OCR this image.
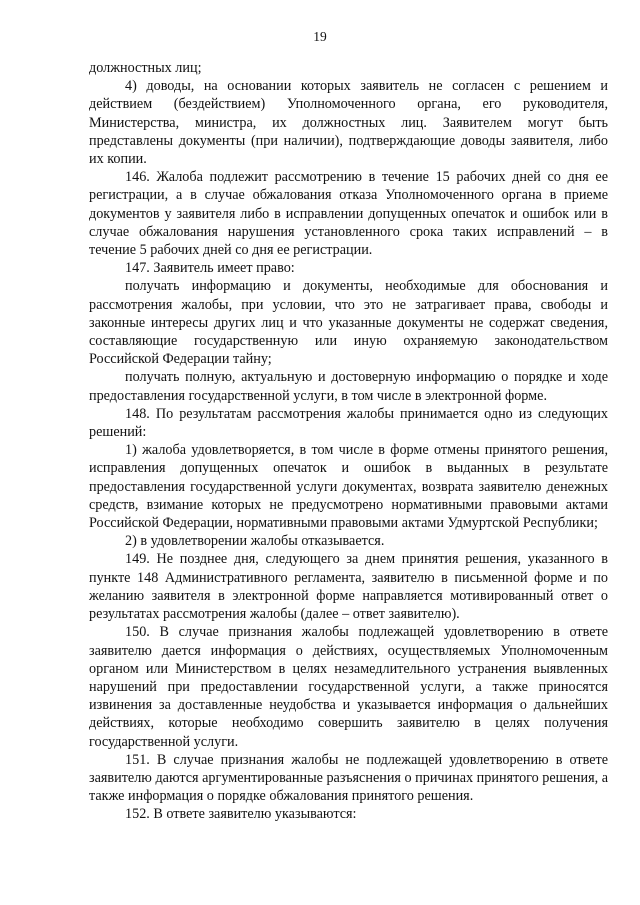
19

должностных лиц;

4) доводы, на основании которых заявитель не согласен с решением и действием (бездействием) Уполномоченного органа, его руководителя, Министерства, министра, их должностных лиц. Заявителем могут быть представлены документы (при наличии), подтверждающие доводы заявителя, либо их копии.

146. Жалоба подлежит рассмотрению в течение 15 рабочих дней со дня ее регистрации, а в случае обжалования отказа Уполномоченного органа в приеме документов у заявителя либо в исправлении допущенных опечаток и ошибок или в случае обжалования нарушения установленного срока таких исправлений – в течение 5 рабочих дней со дня ее регистрации.

147. Заявитель имеет право:

получать информацию и документы, необходимые для обоснования и рассмотрения жалобы, при условии, что это не затрагивает права, свободы и законные интересы других лиц и что указанные документы не содержат сведения, составляющие государственную или иную охраняемую законодательством Российской Федерации тайну;

получать полную, актуальную и достоверную информацию о порядке и ходе предоставления государственной услуги, в том числе в электронной форме.

148. По результатам рассмотрения жалобы принимается одно из следующих решений:

1) жалоба удовлетворяется, в том числе в форме отмены принятого решения, исправления допущенных опечаток и ошибок в выданных в результате предоставления государственной услуги документах, возврата заявителю денежных средств, взимание которых не предусмотрено нормативными правовыми актами Российской Федерации, нормативными правовыми актами Удмуртской Республики;

2) в удовлетворении жалобы отказывается.

149. Не позднее дня, следующего за днем принятия решения, указанного в пункте 148 Административного регламента, заявителю в письменной форме и по желанию заявителя в электронной форме направляется мотивированный ответ о результатах рассмотрения жалобы (далее – ответ заявителю).

150. В случае признания жалобы подлежащей удовлетворению в ответе заявителю дается информация о действиях, осуществляемых Уполномоченным органом или Министерством в целях незамедлительного устранения выявленных нарушений при предоставлении государственной услуги, а также приносятся извинения за доставленные неудобства и указывается информация о дальнейших действиях, которые необходимо совершить заявителю в целях получения государственной услуги.

151. В случае признания жалобы не подлежащей удовлетворению в ответе заявителю даются аргументированные разъяснения о причинах принятого решения, а также информация о порядке обжалования принятого решения.

152. В ответе заявителю указываются:
